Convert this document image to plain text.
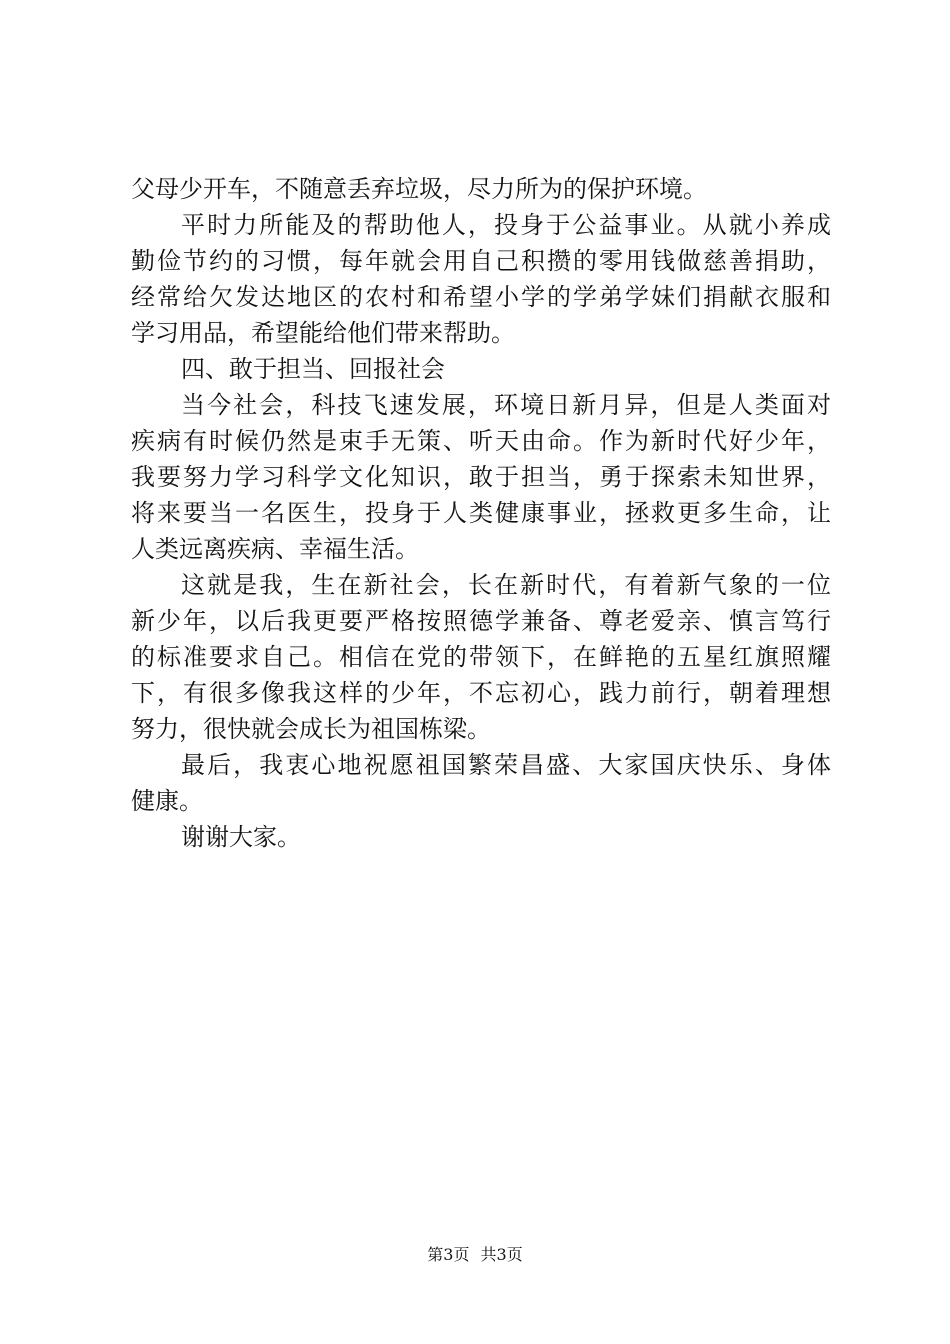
父母少开车，不随意丢弃垃圾，尽力所为的保护环境。
平时力所能及的帮助他人，投身于公益事业。从就小养成
勤俭节约的习惯，每年就会用自己积攒的零用钱做慈善捐助，
经常给欠发达地区的农村和希望小学的学弟学妹们捐献衣服和
学习用品，希望能给他们带来帮助。
四、敢于担当、回报社会
当今社会，科技飞速发展，环境日新月异，但是人类面对
疾病有时候仍然是束手无策、听天由命。作为新时代好少年，
我要努力学习科学文化知识，敢于担当，勇于探索未知世界，
将来要当一名医生，投身于人类健康事业，拯救更多生命，让
人类远离疾病、幸福生活。
这就是我，生在新社会，长在新时代，有着新气象的一位
新少年，以后我更要严格按照德学兼备、尊老爱亲、慎言笃行
的标准要求自己。相信在党的带领下，在鲜艳的五星红旗照耀
下，有很多像我这样的少年，不忘初心，践力前行，朝着理想
努力，很快就会成长为祖国栋梁。
最后，我衷心地祝愿祖国繁荣昌盛、大家国庆快乐、身体
健康。
谢谢大家。
第3页 共3页
